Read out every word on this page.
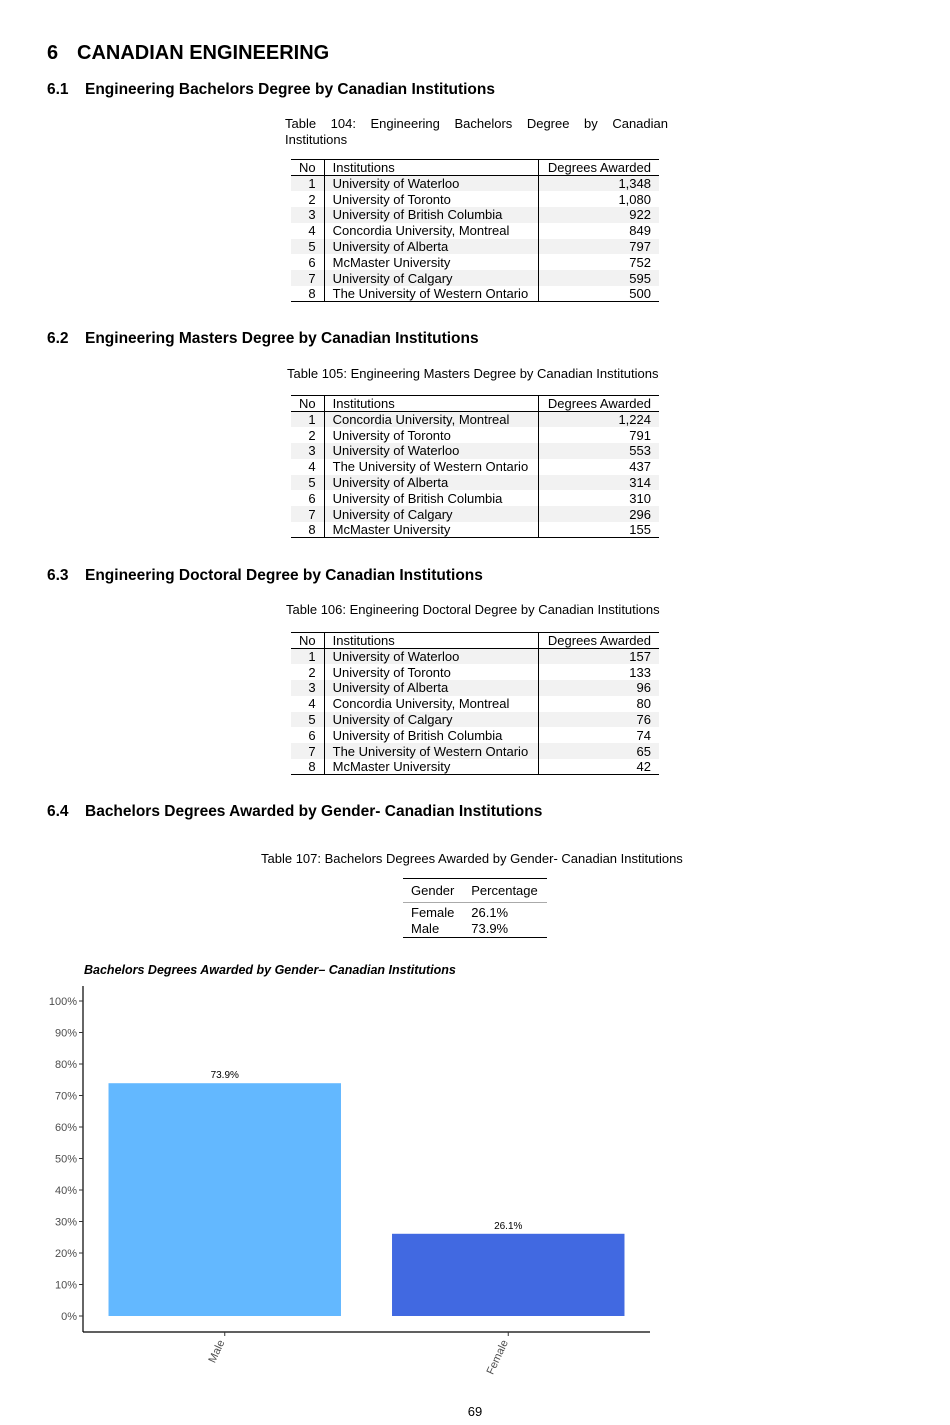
6 CANADIAN ENGINEERING
6.1 Engineering Bachelors Degree by Canadian Institutions
Table 104: Engineering Bachelors Degree by Canadian Institutions
No	Institutions	Degrees Awarded
1	University of Waterloo	1,348
2	University of Toronto	1,080
3	University of British Columbia	922
4	Concordia University, Montreal	849
5	University of Alberta	797
6	McMaster University	752
7	University of Calgary	595
8	The University of Western Ontario	500
6.2 Engineering Masters Degree by Canadian Institutions
Table 105: Engineering Masters Degree by Canadian Institutions
No	Institutions	Degrees Awarded
1	Concordia University, Montreal	1,224
2	University of Toronto	791
3	University of Waterloo	553
4	The University of Western Ontario	437
5	University of Alberta	314
6	University of British Columbia	310
7	University of Calgary	296
8	McMaster University	155
6.3 Engineering Doctoral Degree by Canadian Institutions
Table 106: Engineering Doctoral Degree by Canadian Institutions
No	Institutions	Degrees Awarded
1	University of Waterloo	157
2	University of Toronto	133
3	University of Alberta	96
4	Concordia University, Montreal	80
5	University of Calgary	76
6	University of British Columbia	74
7	The University of Western Ontario	65
8	McMaster University	42
6.4 Bachelors Degrees Awarded by Gender- Canadian Institutions
Table 107: Bachelors Degrees Awarded by Gender- Canadian Institutions
Gender	Percentage
Female	26.1%
Male	73.9%
Bachelors Degrees Awarded by Gender– Canadian Institutions
0%
10%
20%
30%
40%
50%
60%
70%
80%
90%
100%
73.9%
Male
26.1%
Female
69
